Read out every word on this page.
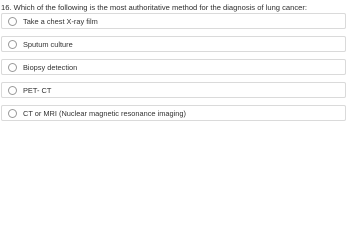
16. Which of the following is the most authoritative method for the diagnosis of lung cancer:
Take a chest X-ray film
Sputum culture
Biopsy detection
PET- CT
CT or MRI (Nuclear magnetic resonance imaging)
